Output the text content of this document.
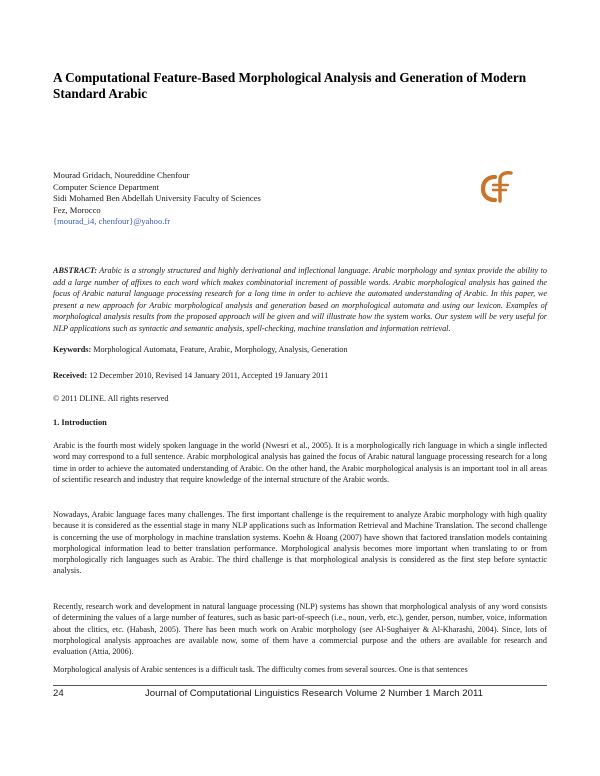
A Computational Feature-Based Morphological Analysis and Generation of Modern Standard Arabic
Mourad Gridach, Noureddine Chenfour
Computer Science Department
Sidi Mohamed Ben Abdellah University Faculty of Sciences
Fez, Morocco
{mourad_i4, chenfour}@yahoo.fr

ABSTRACT: Arabic is a strongly structured and highly derivational and inflectional language. Arabic morphology and syntax provide the ability to add a large number of affixes to each word which makes combinatorial increment of possible words. Arabic morphological analysis has gained the focus of Arabic natural language processing research for a long time in order to achieve the automated understanding of Arabic. In this paper, we present a new approach for Arabic morphological analysis and generation based on morphological automata and using our lexicon. Examples of morphological analysis results from the proposed approach will be given and will illustrate how the system works. Our system will be very useful for NLP applications such as syntactic and semantic analysis, spell-checking, machine translation and information retrieval.

Keywords: Morphological Automata, Feature, Arabic, Morphology, Analysis, Generation
Received: 12 December 2010, Revised 14 January 2011, Accepted 19 January 2011
© 2011 DLINE. All rights reserved
1. Introduction

Arabic is the fourth most widely spoken language in the world (Nwesri et al., 2005). It is a morphologically rich language in which a single inflected word may correspond to a full sentence. Arabic morphological analysis has gained the focus of Arabic natural language processing research for a long time in order to achieve the automated understanding of Arabic. On the other hand, the Arabic morphological analysis is an important tool in all areas of scientific research and industry that require knowledge of the internal structure of the Arabic words.

Nowadays, Arabic language faces many challenges. The first important challenge is the requirement to analyze Arabic morphology with high quality because it is considered as the essential stage in many NLP applications such as Information Retrieval and Machine Translation. The second challenge is concerning the use of morphology in machine translation systems. Koehn & Hoang (2007) have shown that factored translation models containing morphological information lead to better translation performance. Morphological analysis becomes more important when translating to or from morphologically rich languages such as Arabic. The third challenge is that morphological analysis is considered as the first step before syntactic analysis.

Recently, research work and development in natural language processing (NLP) systems has shown that morphological analysis of any word consists of determining the values of a large number of features, such as basic part-of-speech (i.e., noun, verb, etc.), gender, person, number, voice, information about the clitics, etc. (Habash, 2005). There has been much work on Arabic morphology (see Al-Sughaiyer & Al-Kharashi, 2004). Since, lots of morphological analysis approaches are available now, some of them have a commercial purpose and the others are available for research and evaluation (Attia, 2006).

Morphological analysis of Arabic sentences is a difficult task. The difficulty comes from several sources. One is that sentences

24	Journal of Computational Linguistics Research Volume 2 Number 1 March 2011
